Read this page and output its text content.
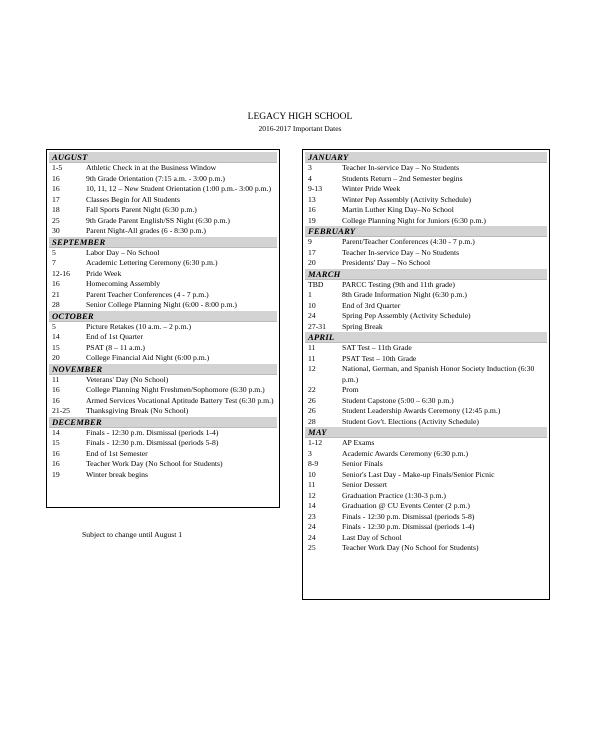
LEGACY HIGH SCHOOL
2016-2017 Important Dates
AUGUST
1-5	Athletic Check in at the Business Window
16	9th Grade Orientation (7:15 a.m. - 3:00 p.m.)
16	10, 11, 12 – New Student Orientation (1:00 p.m.- 3:00 p.m.)
17	Classes Begin for All Students
18	Fall Sports Parent Night (6:30 p.m.)
25	9th Grade Parent English/SS Night (6:30 p.m.)
30	Parent Night-All grades (6 - 8:30 p.m.)
SEPTEMBER
5	Labor Day – No School
7	Academic Lettering Ceremony (6:30 p.m.)
12-16	Pride Week
16	Homecoming Assembly
21	Parent Teacher Conferences (4 - 7 p.m.)
28	Senior College Planning Night (6:00 - 8:00 p.m.)
OCTOBER
5	Picture Retakes (10 a.m. – 2 p.m.)
14	End of 1st Quarter
15	PSAT (8 – 11 a.m.)
20	College Financial Aid Night (6:00 p.m.)
NOVEMBER
11	Veterans' Day (No School)
16	College Planning Night Freshmen/Sophomore (6:30 p.m.)
16	Armed Services Vocational Aptitude Battery Test (6:30 p.m.)
21-25	Thanksgiving Break (No School)
DECEMBER
14	Finals - 12:30 p.m. Dismissal (periods 1-4)
15	Finals - 12:30 p.m. Dismissal (periods 5-8)
16	End of 1st Semester
16	Teacher Work Day (No School for Students)
19	Winter break begins
JANUARY
3	Teacher In-service Day – No Students
4	Students Return – 2nd Semester begins
9-13	Winter Pride Week
13	Winter Pep Assembly (Activity Schedule)
16	Martin Luther King Day–No School
19	College Planning Night for Juniors (6:30 p.m.)
FEBRUARY
9	Parent/Teacher Conferences (4:30 - 7 p.m.)
17	Teacher In-service Day – No Students
20	Presidents' Day – No School
MARCH
TBD	PARCC Testing (9th and 11th grade)
1	8th Grade Information Night (6:30 p.m.)
10	End of 3rd Quarter
24	Spring Pep Assembly (Activity Schedule)
27-31	Spring Break
APRIL
11	SAT Test – 11th Grade
11	PSAT Test – 10th Grade
12	National, German, and Spanish Honor Society Induction (6:30 p.m.)
22	Prom
26	Student Capstone (5:00 – 6:30 p.m.)
26	Student Leadership Awards Ceremony (12:45 p.m.)
28	Student Gov't. Elections (Activity Schedule)
MAY
1-12	AP Exams
3	Academic Awards Ceremony (6:30 p.m.)
8-9	Senior Finals
10	Senior's Last Day - Make-up Finals/Senior Picnic
11	Senior Dessert
12	Graduation Practice (1:30-3 p.m.)
14	Graduation @ CU Events Center (2 p.m.)
23	Finals - 12:30 p.m. Dismissal (periods 5-8)
24	Finals - 12:30 p.m. Dismissal (periods 1-4)
24	Last Day of School
25	Teacher Work Day (No School for Students)
Subject to change until August 1
